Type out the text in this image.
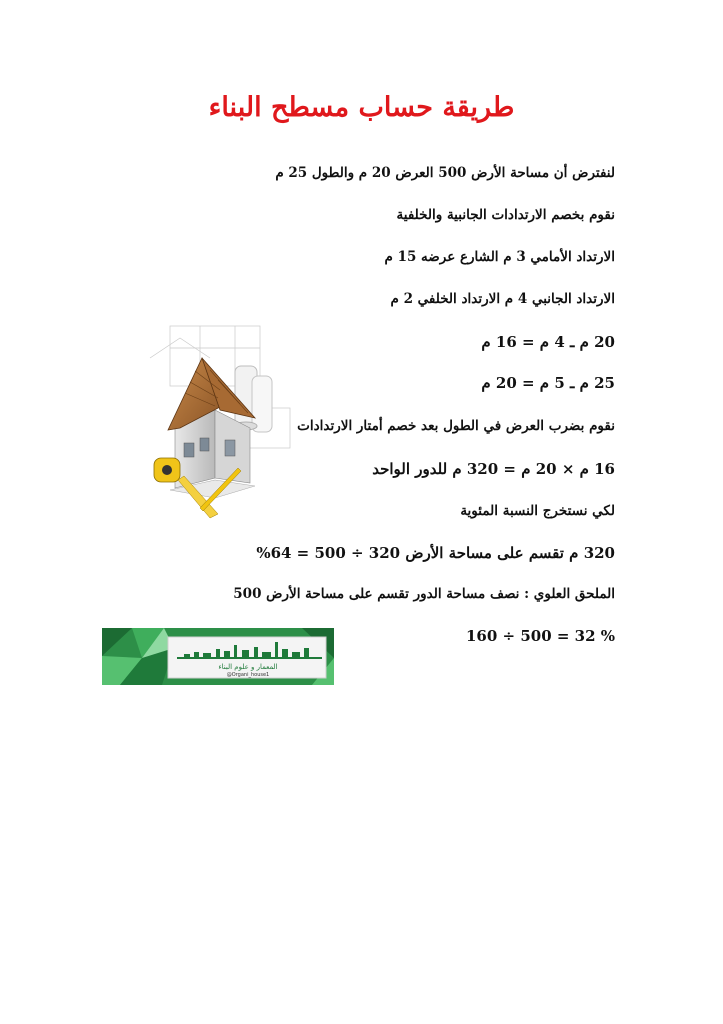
طريقة حساب مسطح البناء
لنفترض أن مساحة الأرض 500 العرض 20 م والطول 25 م
نقوم بخصم الارتدادات الجانبية والخلفية
الارتداد الأمامي 3 م الشارع عرضه 15 م
الارتداد الجانبي 4 م الارتداد الخلفي 2 م
20 م ـ 4 م = 16 م
25 م ـ 5 م = 20 م
نقوم بضرب العرض في الطول بعد خصم أمتار الارتدادات
16 م × 20 م = 320 م للدور الواحد
لكي نستخرج النسبة المئوية
320 م تقسم على مساحة الأرض 320 ÷ 500 = 64%
الملحق العلوي : نصف مساحة الدور تقسم على مساحة الأرض 500
160 ÷ 500 = 32 %
المعمار و علوم البناء
@Organi_house1
